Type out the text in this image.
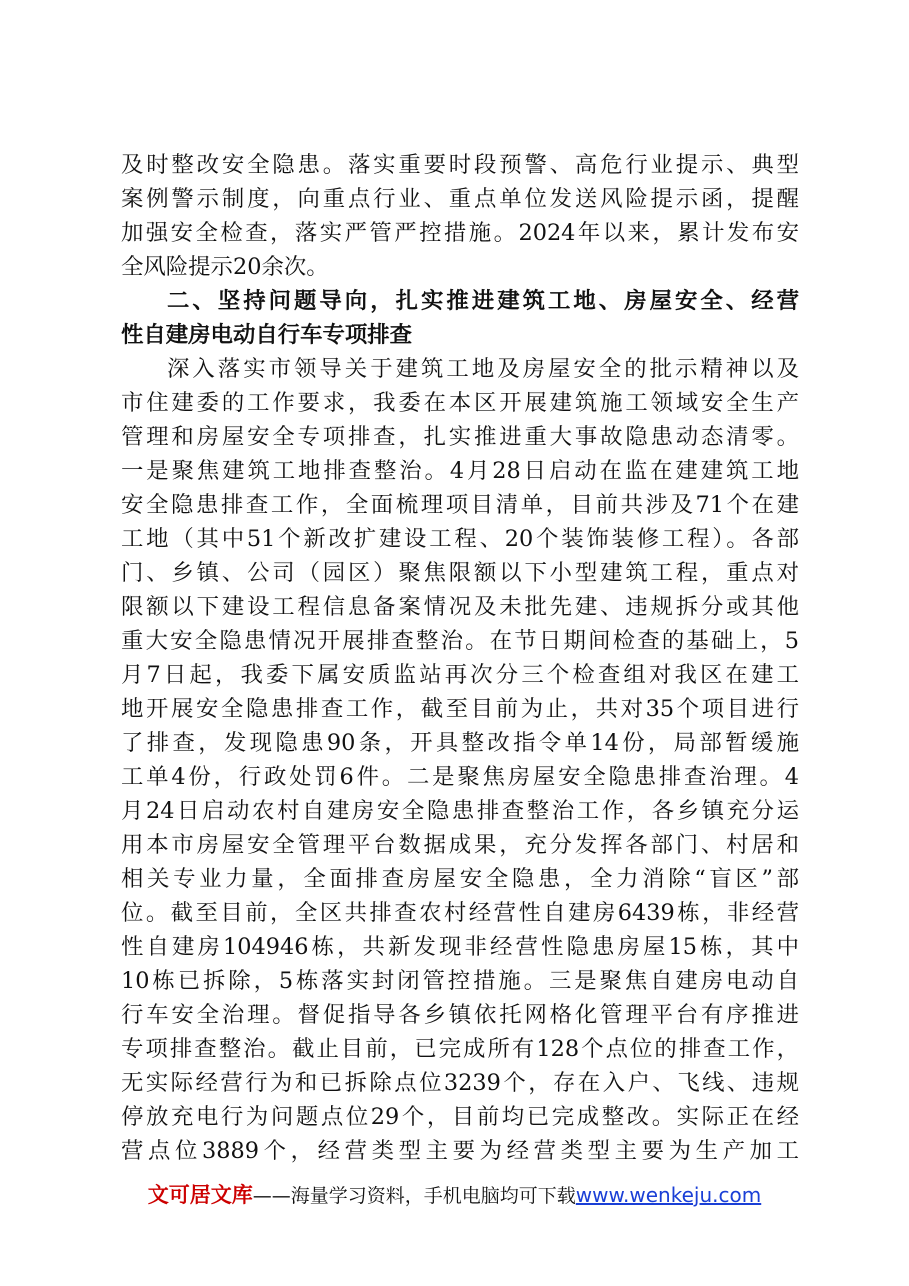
及时整改安全隐患。落实重要时段预警、高危行业提示、典型
案例警示制度，向重点行业、重点单位发送风险提示函，提醒
加强安全检查，落实严管严控措施。2024年以来，累计发布安
全风险提示20余次。
二、坚持问题导向，扎实推进建筑工地、房屋安全、经营
性自建房电动自行车专项排查
深入落实市领导关于建筑工地及房屋安全的批示精神以及
市住建委的工作要求，我委在本区开展建筑施工领域安全生产
管理和房屋安全专项排查，扎实推进重大事故隐患动态清零。
一是聚焦建筑工地排查整治。4月28日启动在监在建建筑工地
安全隐患排查工作，全面梳理项目清单，目前共涉及71个在建
工地（其中51个新改扩建设工程、20个装饰装修工程）。各部
门、乡镇、公司（园区）聚焦限额以下小型建筑工程，重点对
限额以下建设工程信息备案情况及未批先建、违规拆分或其他
重大安全隐患情况开展排查整治。在节日期间检查的基础上，5
月7日起，我委下属安质监站再次分三个检查组对我区在建工
地开展安全隐患排查工作，截至目前为止，共对35个项目进行
了排查，发现隐患90条，开具整改指令单14份，局部暂缓施
工单4份，行政处罚6件。二是聚焦房屋安全隐患排查治理。4
月24日启动农村自建房安全隐患排查整治工作，各乡镇充分运
用本市房屋安全管理平台数据成果，充分发挥各部门、村居和
相关专业力量，全面排查房屋安全隐患，全力消除“盲区”部
位。截至目前，全区共排查农村经营性自建房6439栋，非经营
性自建房104946栋，共新发现非经营性隐患房屋15栋，其中
10栋已拆除，5栋落实封闭管控措施。三是聚焦自建房电动自
行车安全治理。督促指导各乡镇依托网格化管理平台有序推进
专项排查整治。截止目前，已完成所有128个点位的排查工作，
无实际经营行为和已拆除点位3239个，存在入户、飞线、违规
停放充电行为问题点位29个，目前均已完成整改。实际正在经
营点位3889个，经营类型主要为经营类型主要为生产加工
文可居文库——海量学习资料，手机电脑均可下载www.wenkeju.com
